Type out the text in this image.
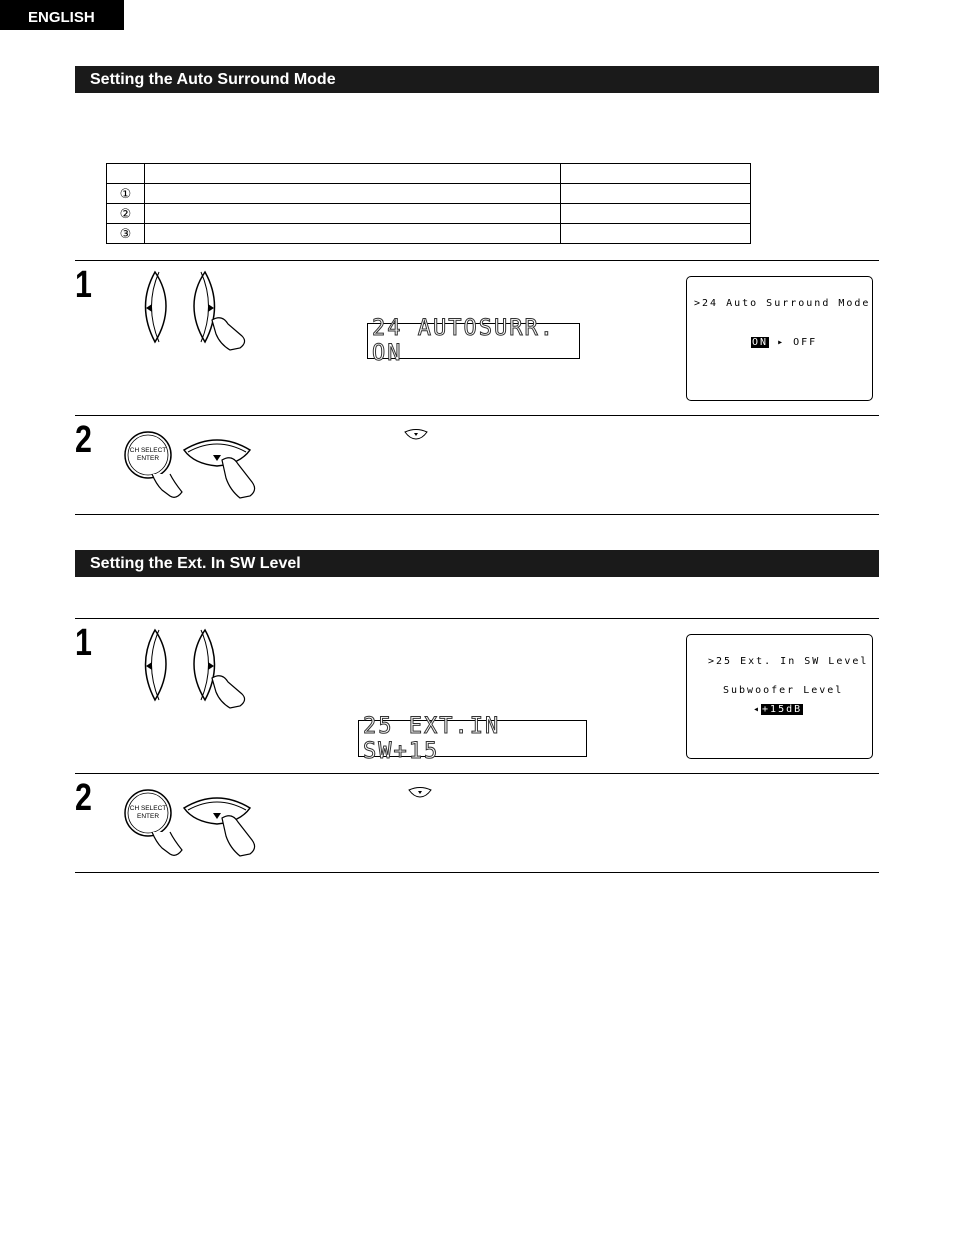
ENGLISH
Setting the Auto Surround Mode

①		
②		
③		
1
24 AUTOSURR. ON
>24 Auto Surround Mode
ON ▸ OFF
2	CH SELECT
ENTER
Setting the Ext. In SW Level
1
25 EXT.IN SW+15
>25 Ext. In SW Level
Subwoofer Level
◂+15dB
2	CH SELECT
ENTER
